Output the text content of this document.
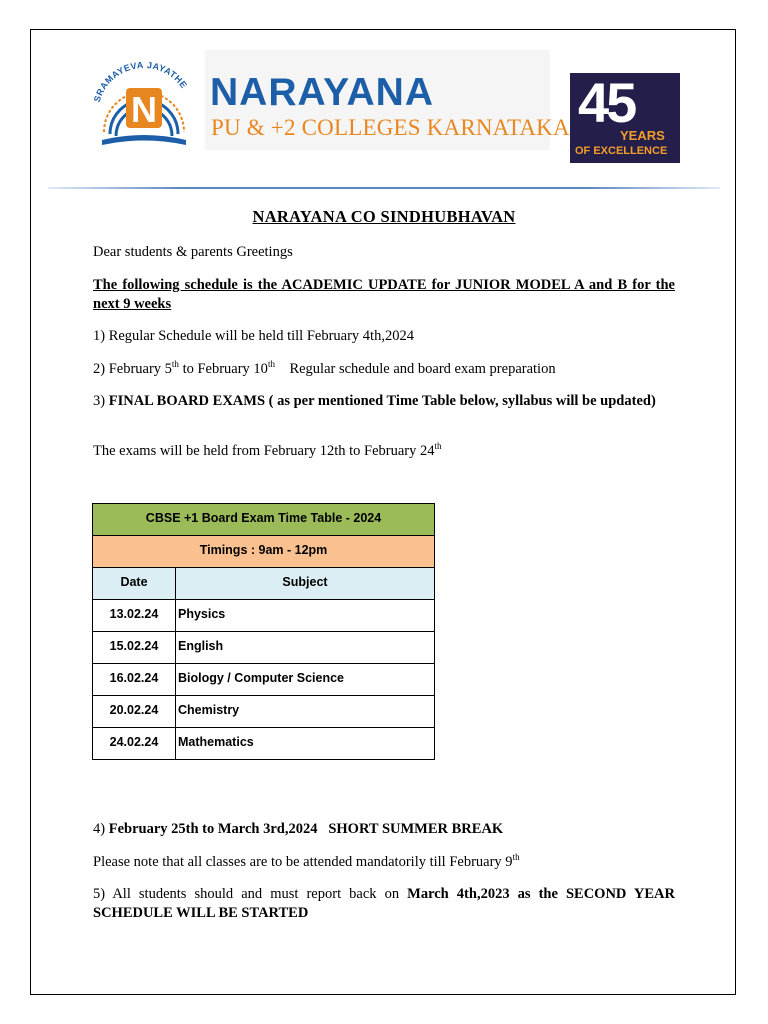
SRAMAYEVA JAYATHE
N NARAYANA
PU & +2 COLLEGES KARNATAKA 45
YEARS
OF EXCELLENCE
NARAYANA CO SINDHUBHAVAN

Dear students & parents Greetings

The following schedule is the ACADEMIC UPDATE for JUNIOR MODEL A and B for the next 9 weeks

1) Regular Schedule will be held till February 4th,2024

2) February 5th to February 10th    Regular schedule and board exam preparation

3) FINAL BOARD EXAMS ( as per mentioned Time Table below, syllabus will be updated)

The exams will be held from February 12th to February 24th

CBSE +1 Board Exam Time Table - 2024	
Timings : 9am - 12pm	
Date	Subject
13.02.24	Physics
15.02.24	English
16.02.24	Biology / Computer Science
20.02.24	Chemistry
24.02.24	Mathematics

4) February 25th to March 3rd,2024   SHORT SUMMER BREAK

Please note that all classes are to be attended mandatorily till February 9th

5) All students should and must report back on March 4th,2023 as the SECOND YEAR SCHEDULE WILL BE STARTED
